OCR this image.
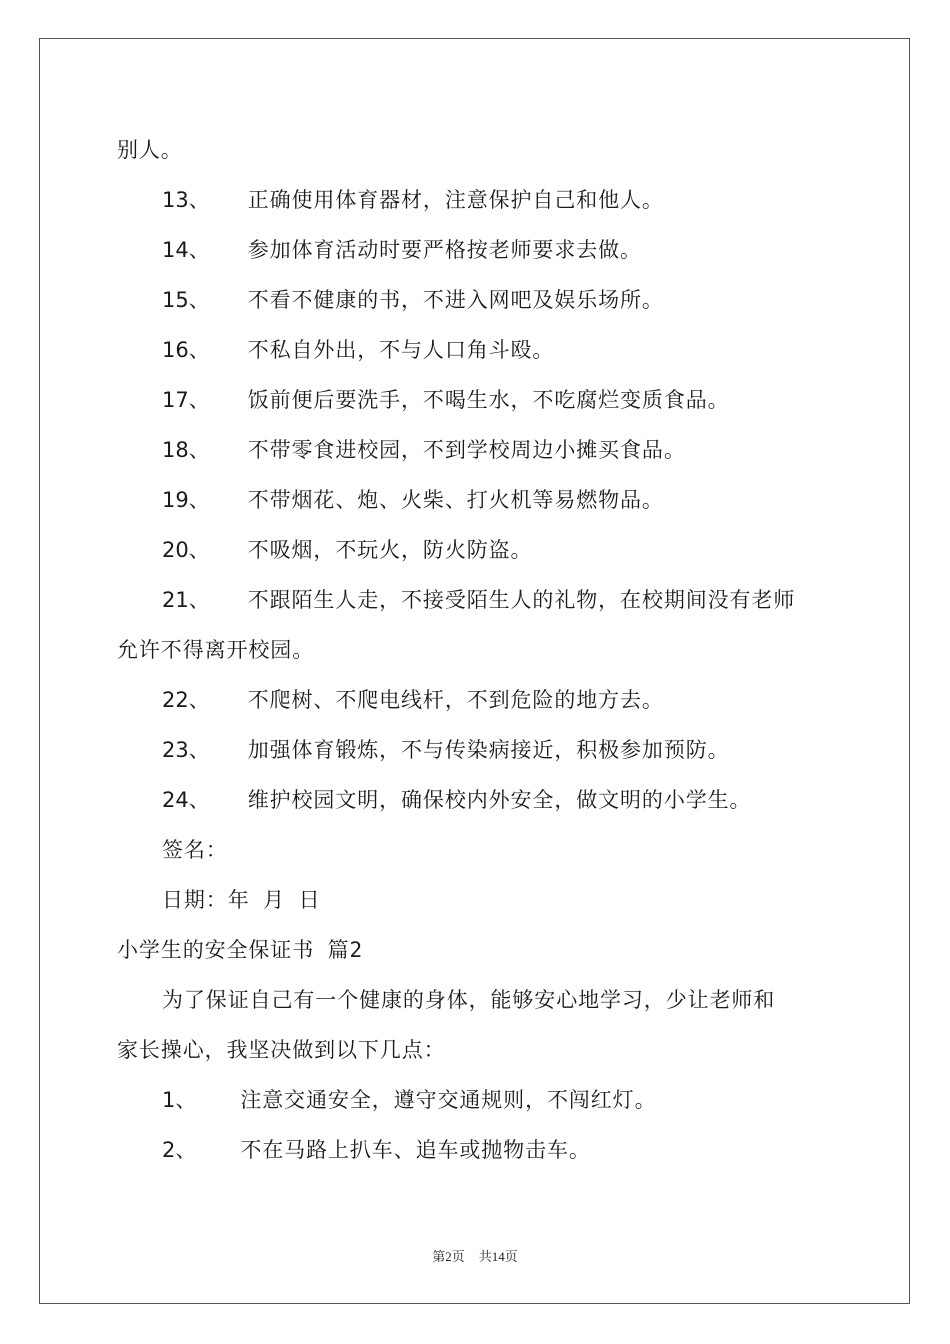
别人。
13、 正确使用体育器材，注意保护自己和他人。
14、 参加体育活动时要严格按老师要求去做。
15、 不看不健康的书，不进入网吧及娱乐场所。
16、 不私自外出，不与人口角斗殴。
17、 饭前便后要洗手，不喝生水，不吃腐烂变质食品。
18、 不带零食进校园，不到学校周边小摊买食品。
19、 不带烟花、炮、火柴、打火机等易燃物品。
20、 不吸烟，不玩火，防火防盗。
21、 不跟陌生人走，不接受陌生人的礼物，在校期间没有老师
允许不得离开校园。
22、 不爬树、不爬电线杆，不到危险的地方去。
23、 加强体育锻炼，不与传染病接近，积极参加预防。
24、 维护校园文明，确保校内外安全，做文明的小学生。
签名：
日期：年 月 日
小学生的安全保证书 篇2
为了保证自己有一个健康的身体，能够安心地学习，少让老师和
家长操心，我坚决做到以下几点：
1、 注意交通安全，遵守交通规则，不闯红灯。
2、 不在马路上扒车、追车或抛物击车。
第2页 共14页
